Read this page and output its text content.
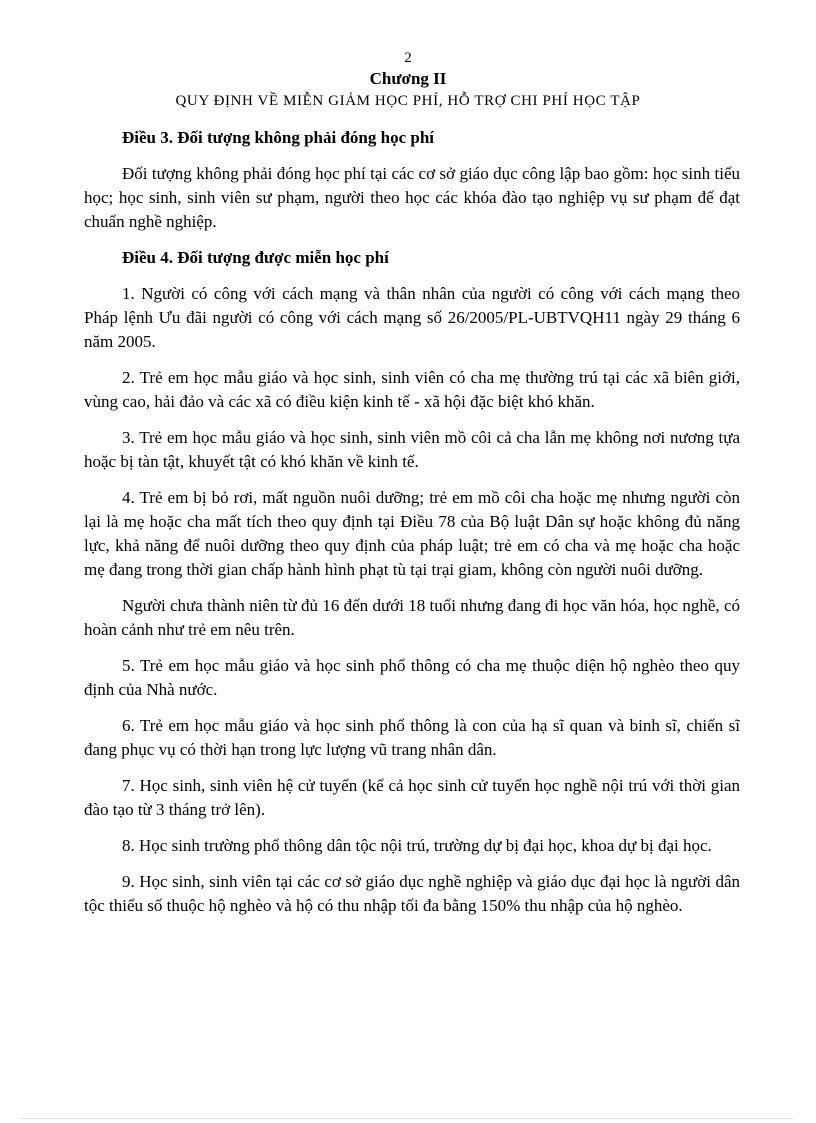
2
Chương II
QUY ĐỊNH VỀ MIỄN GIẢM HỌC PHÍ, HỖ TRỢ CHI PHÍ HỌC TẬP
Điều 3. Đối tượng không phải đóng học phí

Đối tượng không phải đóng học phí tại các cơ sở giáo dục công lập bao gồm: học sinh tiểu học; học sinh, sinh viên sư phạm, người theo học các khóa đào tạo nghiệp vụ sư phạm để đạt chuẩn nghề nghiệp.

Điều 4. Đối tượng được miễn học phí

1. Người có công với cách mạng và thân nhân của người có công với cách mạng theo Pháp lệnh Ưu đãi người có công với cách mạng số 26/2005/PL-UBTVQH11 ngày 29 tháng 6 năm 2005.

2. Trẻ em học mẫu giáo và học sinh, sinh viên có cha mẹ thường trú tại các xã biên giới, vùng cao, hải đảo và các xã có điều kiện kinh tế - xã hội đặc biệt khó khăn.

3. Trẻ em học mẫu giáo và học sinh, sinh viên mồ côi cả cha lẫn mẹ không nơi nương tựa hoặc bị tàn tật, khuyết tật có khó khăn về kinh tế.

4. Trẻ em bị bỏ rơi, mất nguồn nuôi dưỡng; trẻ em mồ côi cha hoặc mẹ nhưng người còn lại là mẹ hoặc cha mất tích theo quy định tại Điều 78 của Bộ luật Dân sự hoặc không đủ năng lực, khả năng để nuôi dưỡng theo quy định của pháp luật; trẻ em có cha và mẹ hoặc cha hoặc mẹ đang trong thời gian chấp hành hình phạt tù tại trại giam, không còn người nuôi dưỡng.

Người chưa thành niên từ đủ 16 đến dưới 18 tuổi nhưng đang đi học văn hóa, học nghề, có hoàn cảnh như trẻ em nêu trên.

5. Trẻ em học mẫu giáo và học sinh phổ thông có cha mẹ thuộc diện hộ nghèo theo quy định của Nhà nước.

6. Trẻ em học mẫu giáo và học sinh phổ thông là con của hạ sĩ quan và binh sĩ, chiến sĩ đang phục vụ có thời hạn trong lực lượng vũ trang nhân dân.

7. Học sinh, sinh viên hệ cử tuyển (kể cả học sinh cử tuyển học nghề nội trú với thời gian đào tạo từ 3 tháng trở lên).

8. Học sinh trường phổ thông dân tộc nội trú, trường dự bị đại học, khoa dự bị đại học.

9. Học sinh, sinh viên tại các cơ sở giáo dục nghề nghiệp và giáo dục đại học là người dân tộc thiểu số thuộc hộ nghèo và hộ có thu nhập tối đa bằng 150% thu nhập của hộ nghèo.
